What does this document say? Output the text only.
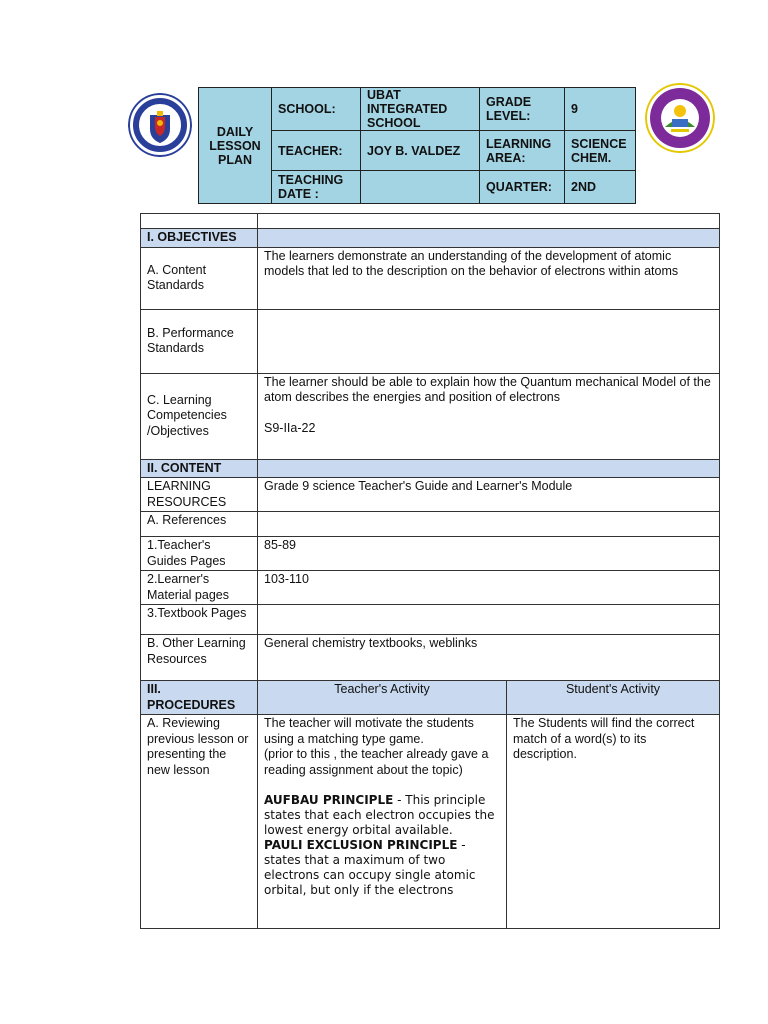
DAILY LESSON PLAN	SCHOOL:	UBAT INTEGRATED SCHOOL	GRADE LEVEL:	9
	TEACHER:	JOY B. VALDEZ	LEARNING AREA:	SCIENCE CHEM.
	TEACHING DATE :		QUARTER:	2ND

I. OBJECTIVES		
A. Content Standards	The learners demonstrate an understanding of the development of atomic models that led to the description on the behavior of electrons within atoms	
B. Performance Standards		
C. Learning Competencies /Objectives	The learner should be able to explain how the Quantum mechanical Model of the atom describes the energies and position of electrons
S9-IIa-22	

II. CONTENT		
LEARNING RESOURCES	Grade 9 science Teacher's Guide and Learner's Module	
A. References		
1.Teacher's Guides Pages	85-89	
2.Learner's Material pages	103-110	
3.Textbook Pages		
B. Other Learning Resources	General chemistry textbooks, weblinks	
III. PROCEDURES	Teacher's Activity	Student's Activity
A. Reviewing previous lesson or presenting the new lesson	The teacher will motivate the students using a matching type game.
(prior to this , the teacher already gave a reading assignment about the topic)
AUFBAU PRINCIPLE - This principle states that each electron occupies the lowest energy orbital available.
PAULI EXCLUSION PRINCIPLE - states that a maximum of two electrons can occupy single atomic orbital, but only if the electrons	The Students will find the correct match of a word(s) to its description.
